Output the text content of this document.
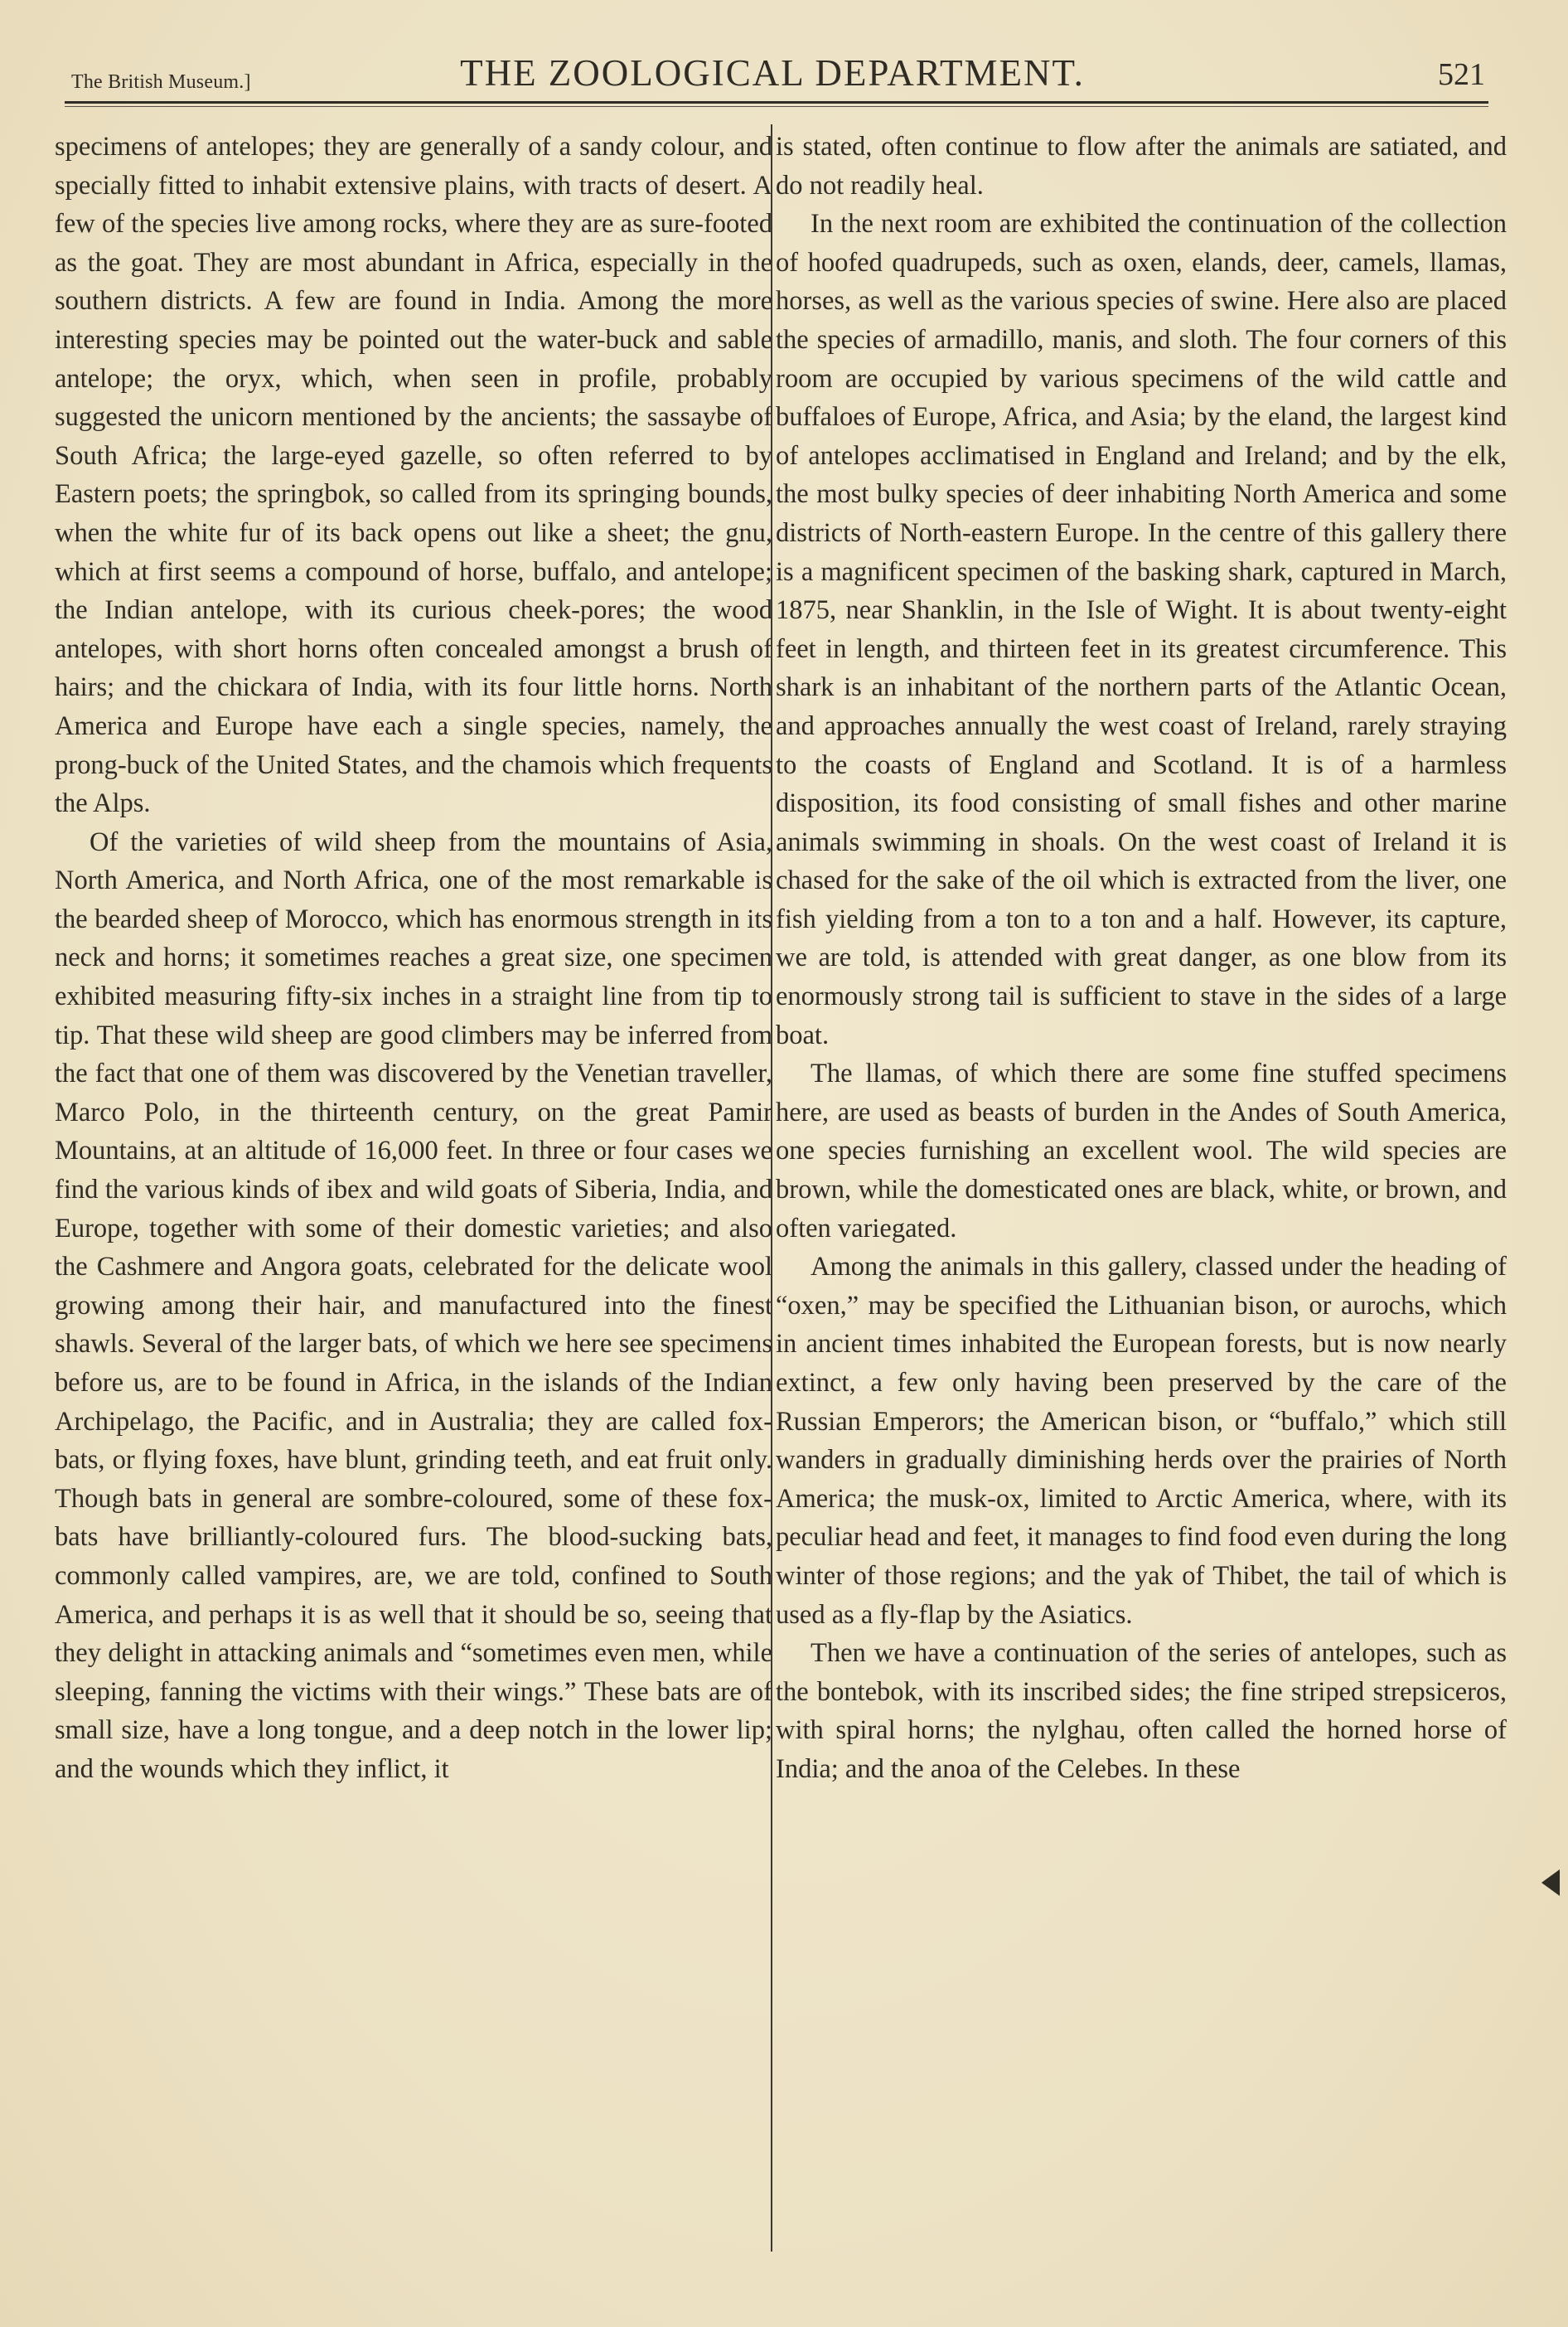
The British Museum.]	THE ZOOLOGICAL DEPARTMENT.	521

specimens of antelopes; they are generally of a sandy colour, and specially fitted to inhabit extensive plains, with tracts of desert. A few of the species live among rocks, where they are as sure-footed as the goat. They are most abundant in Africa, especially in the southern districts. A few are found in India. Among the more interesting species may be pointed out the water-buck and sable antelope; the oryx, which, when seen in profile, probably suggested the unicorn mentioned by the ancients; the sassaybe of South Africa; the large-eyed gazelle, so often referred to by Eastern poets; the springbok, so called from its springing bounds, when the white fur of its back opens out like a sheet; the gnu, which at first seems a compound of horse, buffalo, and antelope; the Indian antelope, with its curious cheek-pores; the wood antelopes, with short horns often concealed amongst a brush of hairs; and the chickara of India, with its four little horns. North America and Europe have each a single species, namely, the prong-buck of the United States, and the chamois which frequents the Alps.

Of the varieties of wild sheep from the mountains of Asia, North America, and North Africa, one of the most remarkable is the bearded sheep of Morocco, which has enormous strength in its neck and horns; it sometimes reaches a great size, one specimen exhibited measuring fifty-six inches in a straight line from tip to tip. That these wild sheep are good climbers may be inferred from the fact that one of them was discovered by the Venetian traveller, Marco Polo, in the thirteenth century, on the great Pamir Mountains, at an altitude of 16,000 feet. In three or four cases we find the various kinds of ibex and wild goats of Siberia, India, and Europe, together with some of their domestic varieties; and also the Cashmere and Angora goats, celebrated for the delicate wool growing among their hair, and manufactured into the finest shawls. Several of the larger bats, of which we here see specimens before us, are to be found in Africa, in the islands of the Indian Archipelago, the Pacific, and in Australia; they are called fox-bats, or flying foxes, have blunt, grinding teeth, and eat fruit only. Though bats in general are sombre-coloured, some of these fox-bats have brilliantly-coloured furs. The blood-sucking bats, commonly called vampires, are, we are told, confined to South America, and perhaps it is as well that it should be so, seeing that they delight in attacking animals and “sometimes even men, while sleeping, fanning the victims with their wings.” These bats are of small size, have a long tongue, and a deep notch in the lower lip; and the wounds which they inflict, it

is stated, often continue to flow after the animals are satiated, and do not readily heal.

In the next room are exhibited the continuation of the collection of hoofed quadrupeds, such as oxen, elands, deer, camels, llamas, horses, as well as the various species of swine. Here also are placed the species of armadillo, manis, and sloth. The four corners of this room are occupied by various specimens of the wild cattle and buffaloes of Europe, Africa, and Asia; by the eland, the largest kind of antelopes acclimatised in England and Ireland; and by the elk, the most bulky species of deer inhabiting North America and some districts of North-eastern Europe. In the centre of this gallery there is a magnificent specimen of the basking shark, captured in March, 1875, near Shanklin, in the Isle of Wight. It is about twenty-eight feet in length, and thirteen feet in its greatest circumference. This shark is an inhabitant of the northern parts of the Atlantic Ocean, and approaches annually the west coast of Ireland, rarely straying to the coasts of England and Scotland. It is of a harmless disposition, its food consisting of small fishes and other marine animals swimming in shoals. On the west coast of Ireland it is chased for the sake of the oil which is extracted from the liver, one fish yielding from a ton to a ton and a half. However, its capture, we are told, is attended with great danger, as one blow from its enormously strong tail is sufficient to stave in the sides of a large boat.

The llamas, of which there are some fine stuffed specimens here, are used as beasts of burden in the Andes of South America, one species furnishing an excellent wool. The wild species are brown, while the domesticated ones are black, white, or brown, and often variegated.

Among the animals in this gallery, classed under the heading of “oxen,” may be specified the Lithuanian bison, or aurochs, which in ancient times inhabited the European forests, but is now nearly extinct, a few only having been preserved by the care of the Russian Emperors; the American bison, or “buffalo,” which still wanders in gradually diminishing herds over the prairies of North America; the musk-ox, limited to Arctic America, where, with its peculiar head and feet, it manages to find food even during the long winter of those regions; and the yak of Thibet, the tail of which is used as a fly-flap by the Asiatics.

Then we have a continuation of the series of antelopes, such as the bontebok, with its inscribed sides; the fine striped strepsiceros, with spiral horns; the nylghau, often called the horned horse of India; and the anoa of the Celebes. In these
